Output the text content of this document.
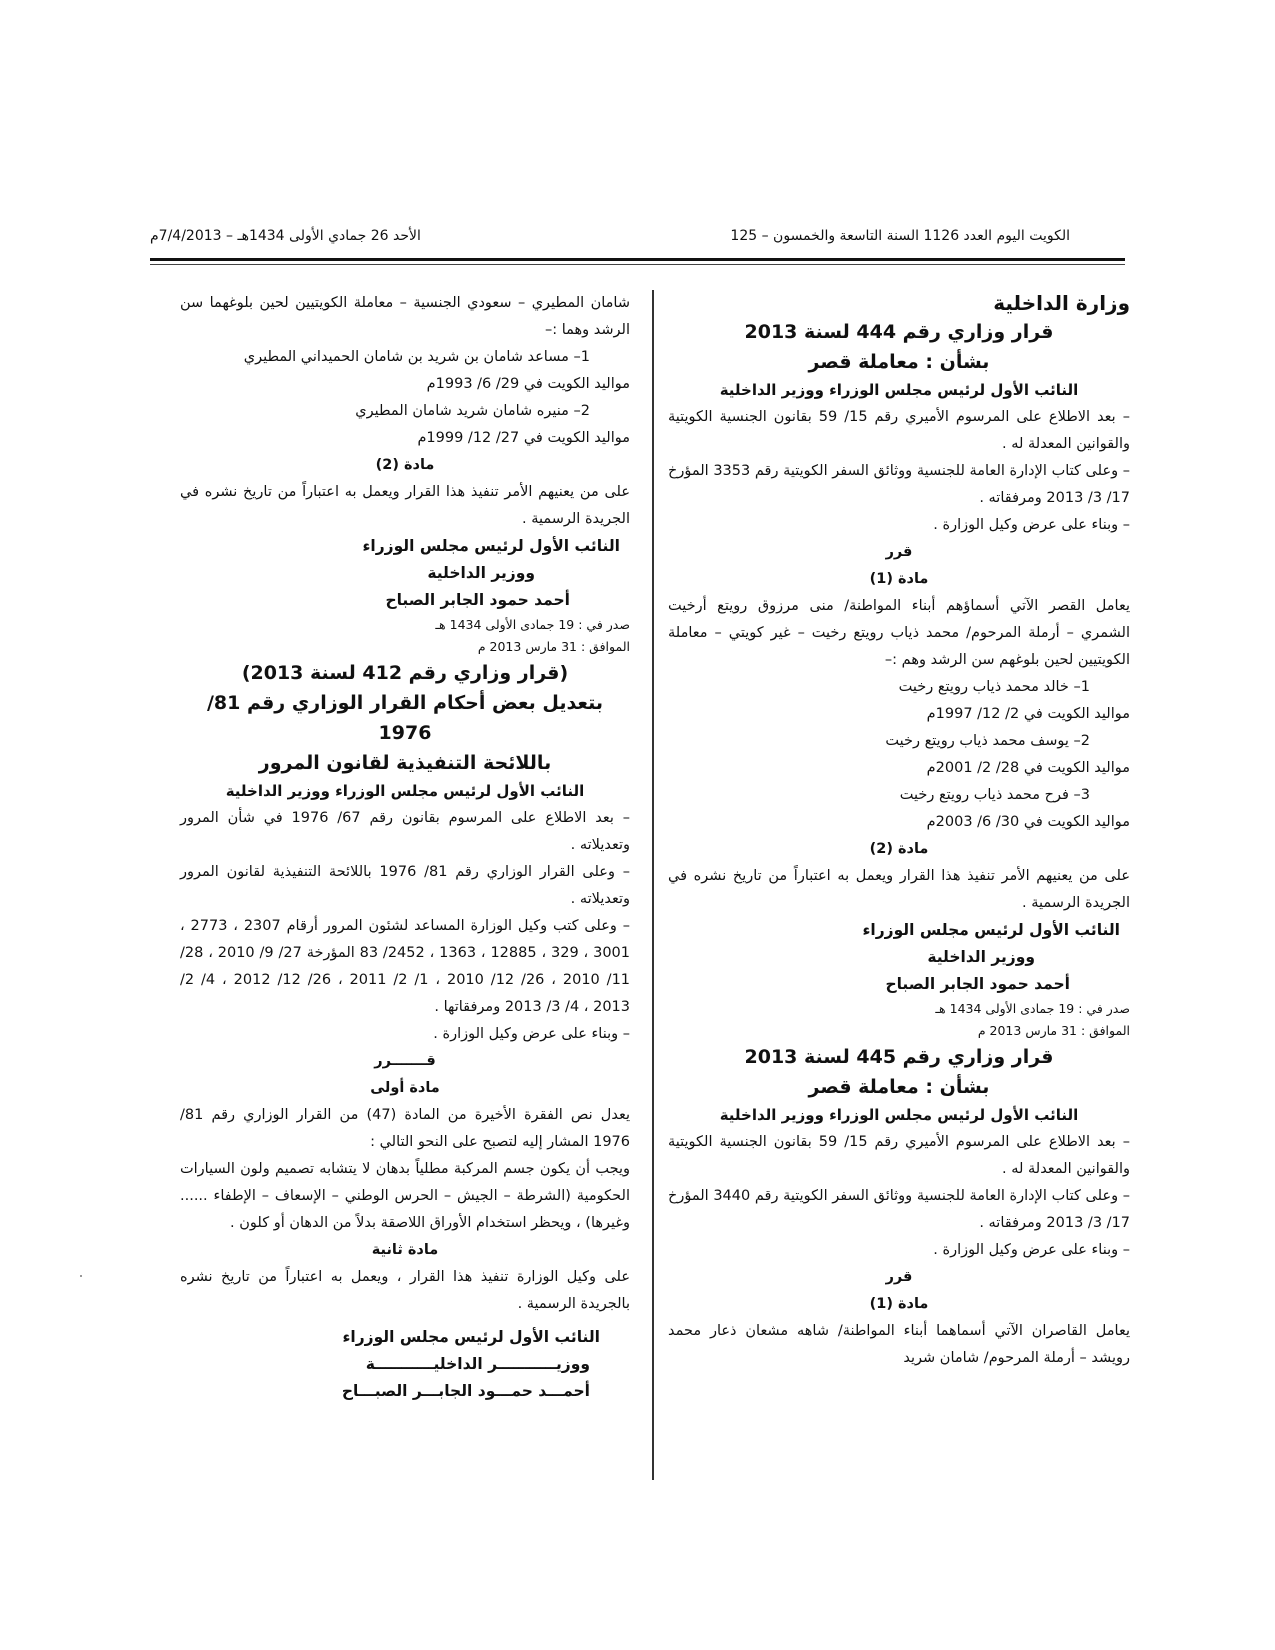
الكويت اليوم العدد 1126 السنة التاسعة والخمسون – 125
الأحد 26 جمادي الأولى 1434هـ – 7/4/2013م

وزارة الداخلية

قرار وزاري رقم 444 لسنة 2013

بشأن : معاملة قصر

النائب الأول لرئيس مجلس الوزراء ووزير الداخلية

– بعد الاطلاع على المرسوم الأميري رقم 15/ 59 بقانون الجنسية الكويتية والقوانين المعدلة له .

– وعلى كتاب الإدارة العامة للجنسية ووثائق السفر الكويتية رقم 3353 المؤرخ 17/ 3/ 2013 ومرفقاته .

– وبناء على عرض وكيل الوزارة .

قرر

مادة (1)

يعامل القصر الآتي أسماؤهم أبناء المواطنة/ منى مرزوق رويتع أرخيت الشمري – أرملة المرحوم/ محمد ذياب رويتع رخيت – غير كويتي – معاملة الكويتيين لحين بلوغهم سن الرشد وهم :–

1– خالد محمد ذياب رويتع رخيت

مواليد الكويت في 2/ 12/ 1997م

2– يوسف محمد ذياب رويتع رخيت

مواليد الكويت في 28/ 2/ 2001م

3– فرح محمد ذياب رويتع رخيت

مواليد الكويت في 30/ 6/ 2003م

مادة (2)

على من يعنيهم الأمر تنفيذ هذا القرار ويعمل به اعتباراً من تاريخ نشره في الجريدة الرسمية .

النائب الأول لرئيس مجلس الوزراء

ووزير الداخلية

أحمد حمود الجابر الصباح

صدر في : 19 جمادى الأولى 1434 هـ

الموافق : 31 مارس 2013 م

قرار وزاري رقم 445 لسنة 2013

بشأن : معاملة قصر

النائب الأول لرئيس مجلس الوزراء ووزير الداخلية

– بعد الاطلاع على المرسوم الأميري رقم 15/ 59 بقانون الجنسية الكويتية والقوانين المعدلة له .

– وعلى كتاب الإدارة العامة للجنسية ووثائق السفر الكويتية رقم 3440 المؤرخ 17/ 3/ 2013 ومرفقاته .

– وبناء على عرض وكيل الوزارة .

قرر

مادة (1)

يعامل القاصران الآتي أسماهما أبناء المواطنة/ شاهه مشعان ذعار محمد رويشد – أرملة المرحوم/ شامان شريد

شامان المطيري – سعودي الجنسية – معاملة الكويتيين لحين بلوغهما سن الرشد وهما :–

1– مساعد شامان بن شريد بن شامان الحميداني المطيري

مواليد الكويت في 29/ 6/ 1993م

2– منيره شامان شريد شامان المطيري

مواليد الكويت في 27/ 12/ 1999م

مادة (2)

على من يعنيهم الأمر تنفيذ هذا القرار ويعمل به اعتباراً من تاريخ نشره في الجريدة الرسمية .

النائب الأول لرئيس مجلس الوزراء

ووزير الداخلية

أحمد حمود الجابر الصباح

صدر في : 19 جمادى الأولى 1434 هـ

الموافق : 31 مارس 2013 م

(قرار وزاري رقم 412 لسنة 2013)

بتعديل بعض أحكام القرار الوزاري رقم 81/ 1976

باللائحة التنفيذية لقانون المرور

النائب الأول لرئيس مجلس الوزراء ووزير الداخلية

– بعد الاطلاع على المرسوم بقانون رقم 67/ 1976 في شأن المرور وتعديلاته .

– وعلى القرار الوزاري رقم 81/ 1976 باللائحة التنفيذية لقانون المرور وتعديلاته .

– وعلى كتب وكيل الوزارة المساعد لشئون المرور أرقام 2307 ، 2773 ، 3001 ، 329 ، 12885 ، 1363 ، 2452/ 83 المؤرخة 27/ 9/ 2010 ، 28/ 11/ 2010 ، 26/ 12/ 2010 ، 1/ 2/ 2011 ، 26/ 12/ 2012 ، 4/ 2/ 2013 ، 4/ 3/ 2013 ومرفقاتها .

– وبناء على عرض وكيل الوزارة .

قـــــــرر

مادة أولى

يعدل نص الفقرة الأخيرة من المادة (47) من القرار الوزاري رقم 81/ 1976 المشار إليه لتصبح على النحو التالي :

ويجب أن يكون جسم المركبة مطلياً بدهان لا يتشابه تصميم ولون السيارات الحكومية (الشرطة – الجيش – الحرس الوطني – الإسعاف – الإطفاء ...... وغيرها) ، ويحظر استخدام الأوراق اللاصقة بدلاً من الدهان أو كلون .

مادة ثانية

على وكيل الوزارة تنفيذ هذا القرار ، ويعمل به اعتباراً من تاريخ نشره بالجريدة الرسمية .

النائب الأول لرئيس مجلس الوزراء

ووزيـــــــــــر الداخليـــــــــــة

أحمـــد حمـــود الجابـــر الصبـــاح
